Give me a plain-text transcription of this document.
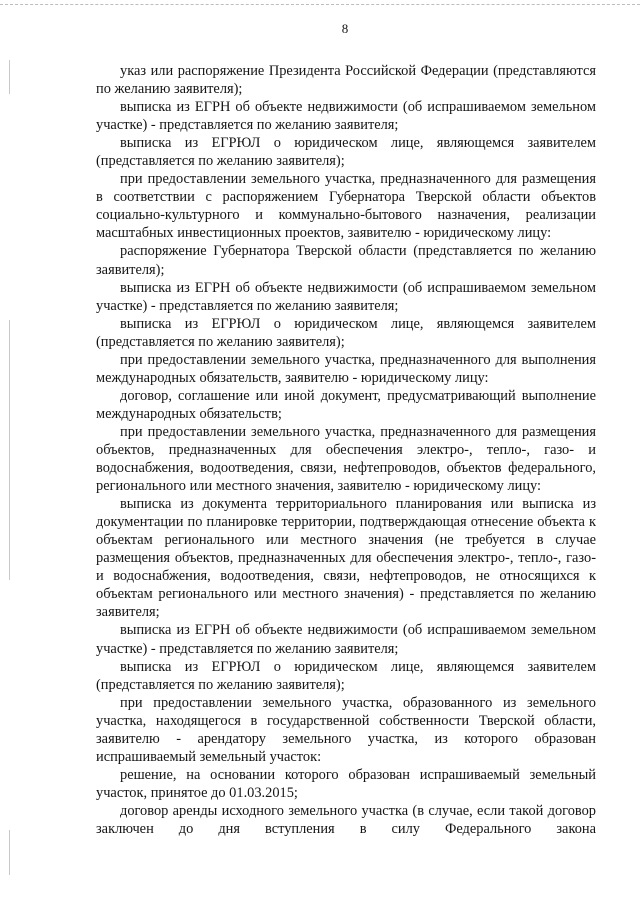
8

указ или распоряжение Президента Российской Федерации (представляются по желанию заявителя);

выписка из ЕГРН об объекте недвижимости (об испрашиваемом земельном участке) - представляется по желанию заявителя;

выписка из ЕГРЮЛ о юридическом лице, являющемся заявителем (представляется по желанию заявителя);

при предоставлении земельного участка, предназначенного для размещения в соответствии с распоряжением Губернатора Тверской области объектов социально-культурного и коммунально-бытового назначения, реализации масштабных инвестиционных проектов, заявителю - юридическому лицу:

распоряжение Губернатора Тверской области (представляется по желанию заявителя);

выписка из ЕГРН об объекте недвижимости (об испрашиваемом земельном участке) - представляется по желанию заявителя;

выписка из ЕГРЮЛ о юридическом лице, являющемся заявителем (представляется по желанию заявителя);

при предоставлении земельного участка, предназначенного для выполнения международных обязательств, заявителю - юридическому лицу:

договор, соглашение или иной документ, предусматривающий выполнение международных обязательств;

при предоставлении земельного участка, предназначенного для размещения объектов, предназначенных для обеспечения электро-, тепло-, газо- и водоснабжения, водоотведения, связи, нефтепроводов, объектов федерального, регионального или местного значения, заявителю - юридическому лицу:

выписка из документа территориального планирования или выписка из документации по планировке территории, подтверждающая отнесение объекта к объектам регионального или местного значения (не требуется в случае размещения объектов, предназначенных для обеспечения электро-, тепло-, газо- и водоснабжения, водоотведения, связи, нефтепроводов, не относящихся к объектам регионального или местного значения) - представляется по желанию заявителя;

выписка из ЕГРН об объекте недвижимости (об испрашиваемом земельном участке) - представляется по желанию заявителя;

выписка из ЕГРЮЛ о юридическом лице, являющемся заявителем (представляется по желанию заявителя);

при предоставлении земельного участка, образованного из земельного участка, находящегося в государственной собственности Тверской области, заявителю - арендатору земельного участка, из которого образован испрашиваемый земельный участок:

решение, на основании которого образован испрашиваемый земельный участок, принятое до 01.03.2015;

договор аренды исходного земельного участка (в случае, если такой договор заключен до дня вступления в силу Федерального закона
